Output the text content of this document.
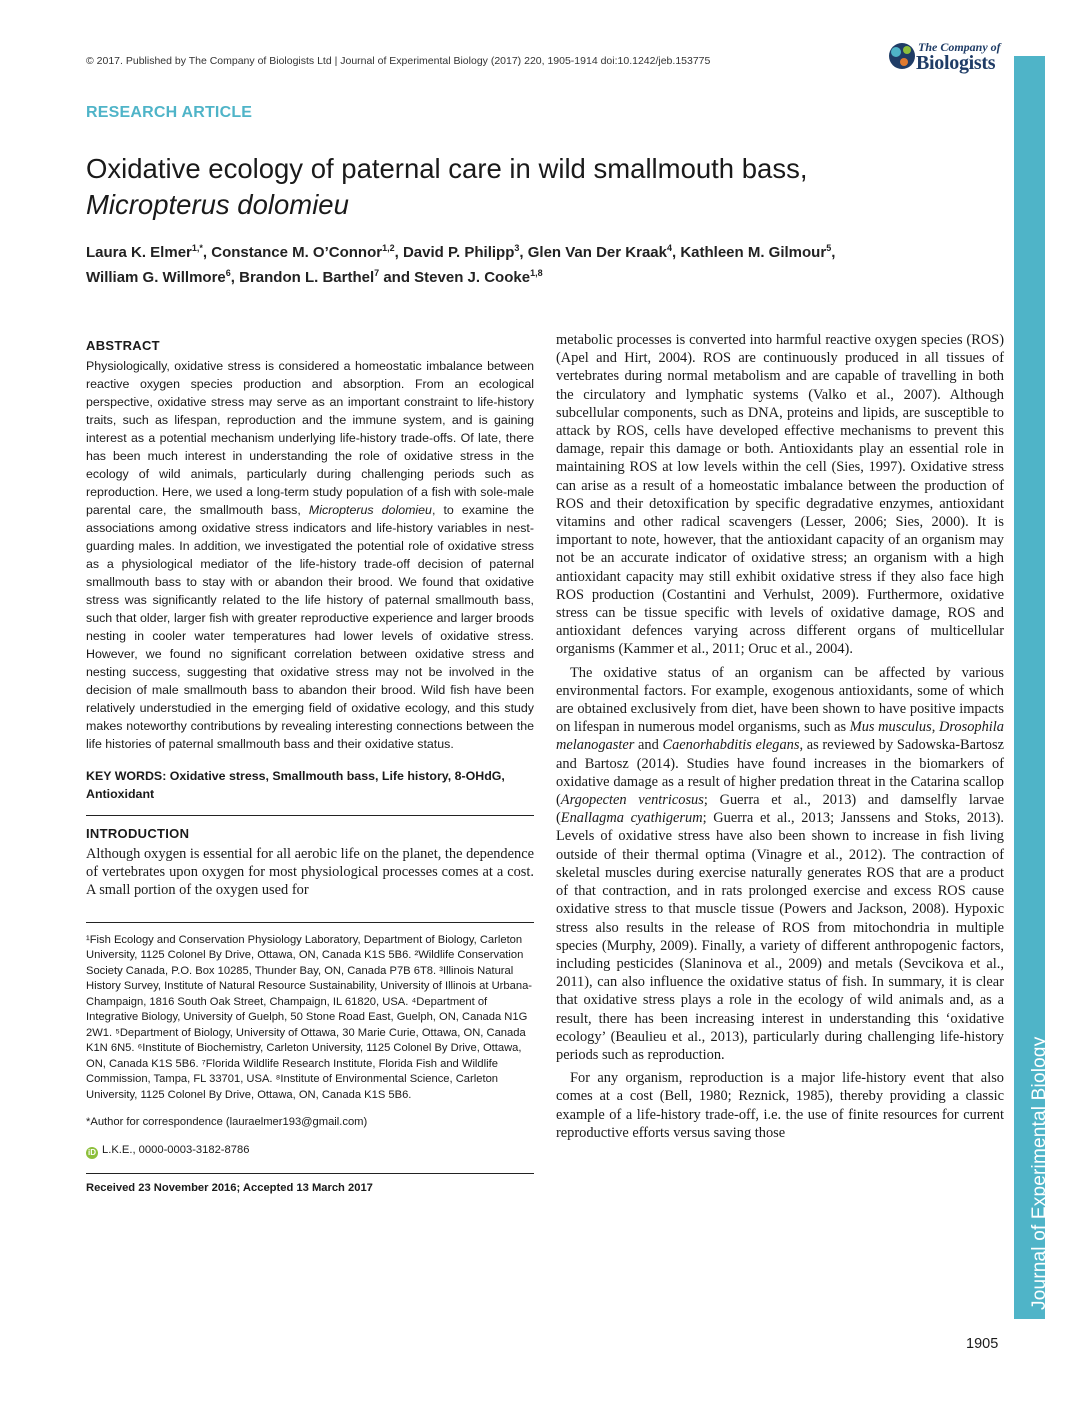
© 2017. Published by The Company of Biologists Ltd | Journal of Experimental Biology (2017) 220, 1905-1914 doi:10.1242/jeb.153775
The Company of
Biologists
Journal of Experimental Biology
RESEARCH ARTICLE
Oxidative ecology of paternal care in wild smallmouth bass,
Micropterus dolomieu
Laura K. Elmer$^{1,*}$, Constance M. O’Connor$^{1,2}$, David P. Philipp$^3$, Glen Van Der Kraak$^4$, Kathleen M. Gilmour$^5$,
William G. Willmore$^6$, Brandon L. Barthel$^7$ and Steven J. Cooke$^{1,8}$
ABSTRACT

Physiologically, oxidative stress is considered a homeostatic imbalance between reactive oxygen species production and absorption. From an ecological perspective, oxidative stress may serve as an important constraint to life-history traits, such as lifespan, reproduction and the immune system, and is gaining interest as a potential mechanism underlying life-history trade-offs. Of late, there has been much interest in understanding the role of oxidative stress in the ecology of wild animals, particularly during challenging periods such as reproduction. Here, we used a long-term study population of a fish with sole-male parental care, the smallmouth bass, Micropterus dolomieu, to examine the associations among oxidative stress indicators and life-history variables in nest-guarding males. In addition, we investigated the potential role of oxidative stress as a physiological mediator of the life-history trade-off decision of paternal smallmouth bass to stay with or abandon their brood. We found that oxidative stress was significantly related to the life history of paternal smallmouth bass, such that older, larger fish with greater reproductive experience and larger broods nesting in cooler water temperatures had lower levels of oxidative stress. However, we found no significant correlation between oxidative stress and nesting success, suggesting that oxidative stress may not be involved in the decision of male smallmouth bass to abandon their brood. Wild fish have been relatively understudied in the emerging field of oxidative ecology, and this study makes noteworthy contributions by revealing interesting connections between the life histories of paternal smallmouth bass and their oxidative status.

KEY WORDS: Oxidative stress, Smallmouth bass, Life history, 8-OHdG, Antioxidant

INTRODUCTION

Although oxygen is essential for all aerobic life on the planet, the dependence of vertebrates upon oxygen for most physiological processes comes at a cost. A small portion of the oxygen used for

¹Fish Ecology and Conservation Physiology Laboratory, Department of Biology, Carleton University, 1125 Colonel By Drive, Ottawa, ON, Canada K1S 5B6. ²Wildlife Conservation Society Canada, P.O. Box 10285, Thunder Bay, ON, Canada P7B 6T8. ³Illinois Natural History Survey, Institute of Natural Resource Sustainability, University of Illinois at Urbana-Champaign, 1816 South Oak Street, Champaign, IL 61820, USA. ⁴Department of Integrative Biology, University of Guelph, 50 Stone Road East, Guelph, ON, Canada N1G 2W1. ⁵Department of Biology, University of Ottawa, 30 Marie Curie, Ottawa, ON, Canada K1N 6N5. ⁶Institute of Biochemistry, Carleton University, 1125 Colonel By Drive, Ottawa, ON, Canada K1S 5B6. ⁷Florida Wildlife Research Institute, Florida Fish and Wildlife Commission, Tampa, FL 33701, USA. ⁸Institute of Environmental Science, Carleton University, 1125 Colonel By Drive, Ottawa, ON, Canada K1S 5B6.

*Author for correspondence (lauraelmer193@gmail.com)

iD L.K.E., 0000-0003-3182-8786

Received 23 November 2016; Accepted 13 March 2017

metabolic processes is converted into harmful reactive oxygen species (ROS) (Apel and Hirt, 2004). ROS are continuously produced in all tissues of vertebrates during normal metabolism and are capable of travelling in both the circulatory and lymphatic systems (Valko et al., 2007). Although subcellular components, such as DNA, proteins and lipids, are susceptible to attack by ROS, cells have developed effective mechanisms to prevent this damage, repair this damage or both. Antioxidants play an essential role in maintaining ROS at low levels within the cell (Sies, 1997). Oxidative stress can arise as a result of a homeostatic imbalance between the production of ROS and their detoxification by specific degradative enzymes, antioxidant vitamins and other radical scavengers (Lesser, 2006; Sies, 2000). It is important to note, however, that the antioxidant capacity of an organism may not be an accurate indicator of oxidative stress; an organism with a high antioxidant capacity may still exhibit oxidative stress if they also face high ROS production (Costantini and Verhulst, 2009). Furthermore, oxidative stress can be tissue specific with levels of oxidative damage, ROS and antioxidant defences varying across different organs of multicellular organisms (Kammer et al., 2011; Oruc et al., 2004).

The oxidative status of an organism can be affected by various environmental factors. For example, exogenous antioxidants, some of which are obtained exclusively from diet, have been shown to have positive impacts on lifespan in numerous model organisms, such as Mus musculus, Drosophila melanogaster and Caenorhabditis elegans, as reviewed by Sadowska-Bartosz and Bartosz (2014). Studies have found increases in the biomarkers of oxidative damage as a result of higher predation threat in the Catarina scallop (Argopecten ventricosus; Guerra et al., 2013) and damselfly larvae (Enallagma cyathigerum; Guerra et al., 2013; Janssens and Stoks, 2013). Levels of oxidative stress have also been shown to increase in fish living outside of their thermal optima (Vinagre et al., 2012). The contraction of skeletal muscles during exercise naturally generates ROS that are a product of that contraction, and in rats prolonged exercise and excess ROS cause oxidative stress to that muscle tissue (Powers and Jackson, 2008). Hypoxic stress also results in the release of ROS from mitochondria in multiple species (Murphy, 2009). Finally, a variety of different anthropogenic factors, including pesticides (Slaninova et al., 2009) and metals (Sevcikova et al., 2011), can also influence the oxidative status of fish. In summary, it is clear that oxidative stress plays a role in the ecology of wild animals and, as a result, there has been increasing interest in understanding this ‘oxidative ecology’ (Beaulieu et al., 2013), particularly during challenging life-history periods such as reproduction.

For any organism, reproduction is a major life-history event that also comes at a cost (Bell, 1980; Reznick, 1985), thereby providing a classic example of a life-history trade-off, i.e. the use of finite resources for current reproductive efforts versus saving those

1905
